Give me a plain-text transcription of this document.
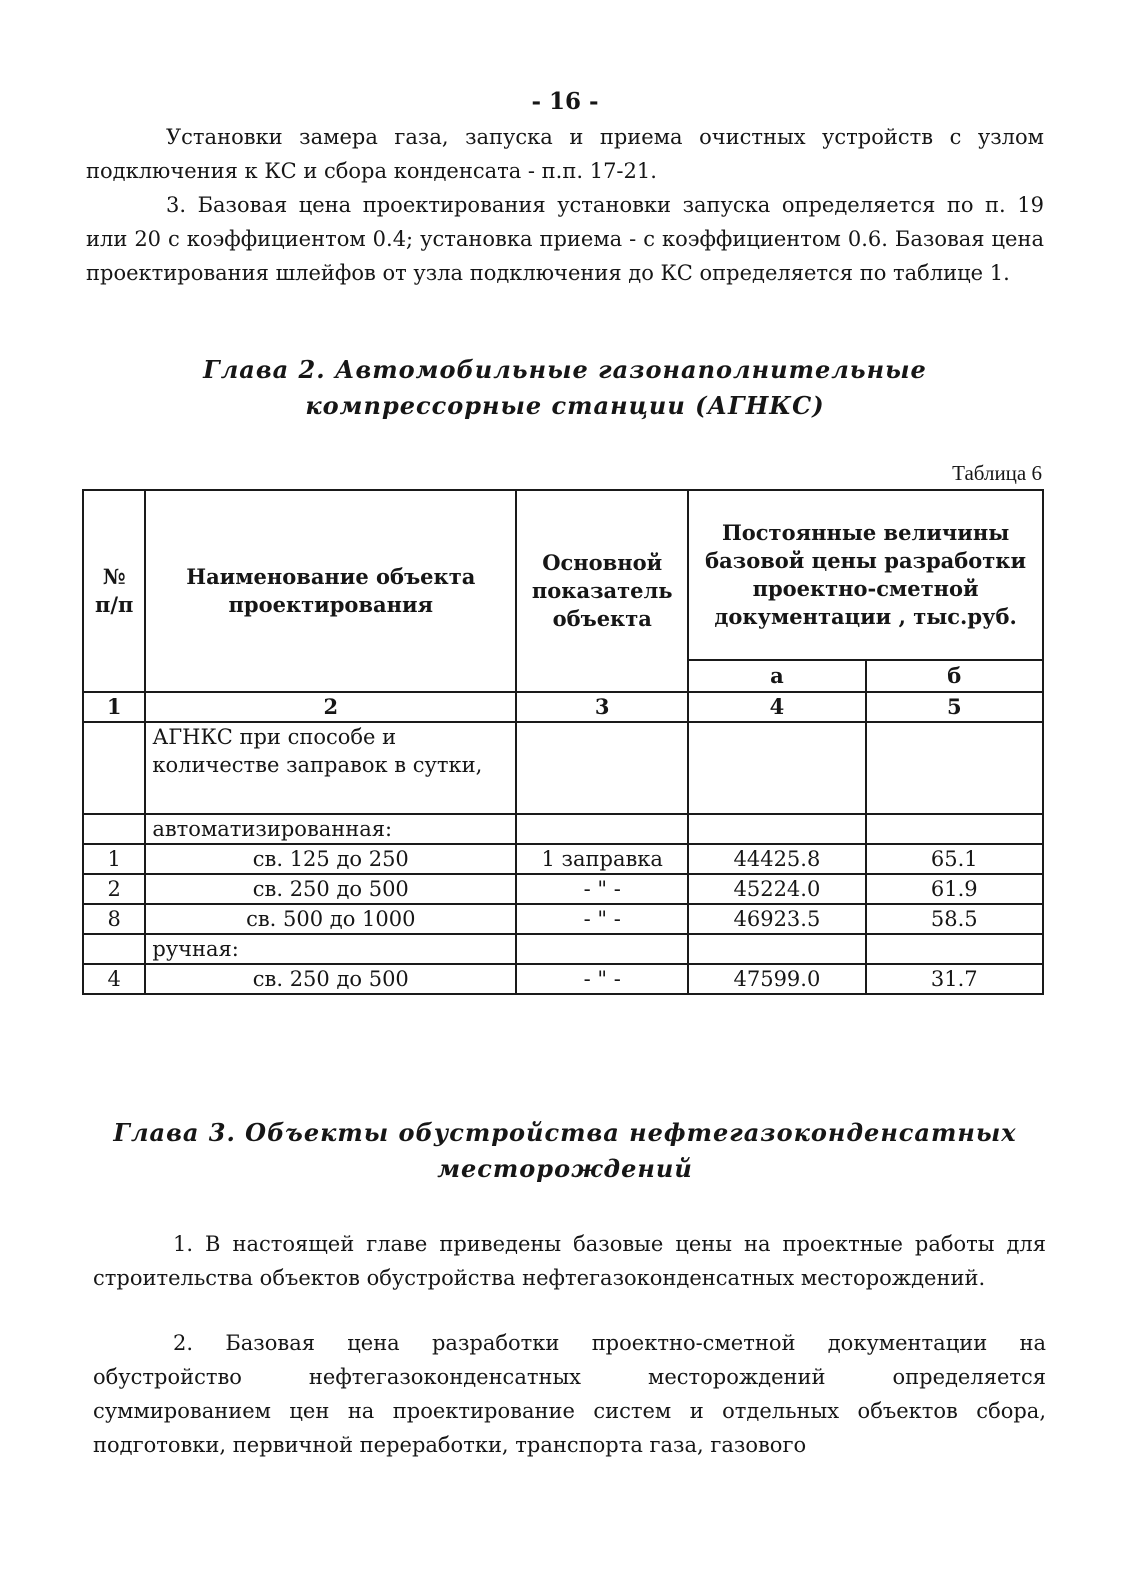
- 16 -
Установки замера газа, запуска и приема очистных устройств с узлом подключения к КС и сбора конденсата - п.п. 17-21.
3. Базовая цена проектирования установки запуска определяется по п. 19 или 20 с коэффициентом 0.4; установка приема - с коэффициентом 0.6. Базовая цена проектирования шлейфов от узла подключения до КС определяется по таблице 1.
Глава 2. Автомобильные газонаполнительные
компрессорные станции (АГНКС)
Таблица 6
№ п/п	Наименование объекта проектирования	Основной показатель объекта	Постоянные величины базовой цены разработки проектно-сметной документации , тыс.руб.	
			а	б
1	2	3	4	5
	АГНКС при способе и количестве заправок в сутки,			
	автоматизированная:			
1	св. 125 до 250	1 заправка	44425.8	65.1
2	св. 250 до 500	- " -	45224.0	61.9
8	св. 500 до 1000	- " -	46923.5	58.5
	ручная:			
4	св. 250 до 500	- " -	47599.0	31.7
Глава 3. Объекты обустройства нефтегазоконденсатных
месторождений
1. В настоящей главе приведены базовые цены на проектные работы для строительства объектов обустройства нефтегазоконденсатных месторождений.
2. Базовая цена разработки проектно-сметной документации на обустройство нефтегазоконденсатных месторождений определяется суммированием цен на проектирование систем и отдельных объектов сбора, подготовки, первичной переработки, транспорта газа, газового
